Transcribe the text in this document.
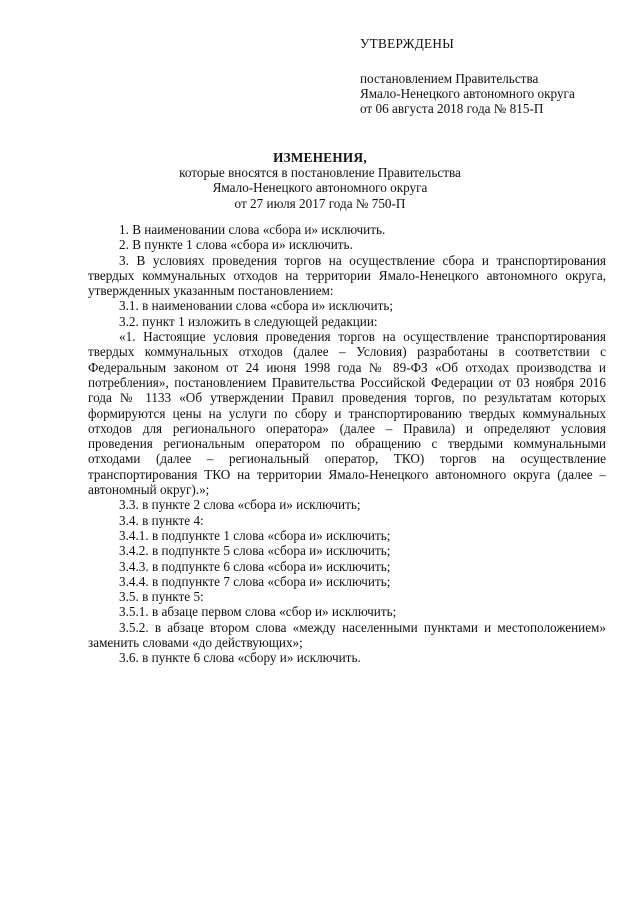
УТВЕРЖДЕНЫ
постановлением Правительства
Ямало-Ненецкого автономного округа
от 06 августа 2018 года № 815-П
ИЗМЕНЕНИЯ,
которые вносятся в постановление Правительства
Ямало-Ненецкого автономного округа
от 27 июля 2017 года № 750-П

1. В наименовании слова «сбора и» исключить.

2. В пункте 1 слова «сбора и» исключить.

3. В условиях проведения торгов на осуществление сбора и транспортирования твердых коммунальных отходов на территории Ямало-Ненецкого автономного округа, утвержденных указанным постановлением:

3.1. в наименовании слова «сбора и» исключить;

3.2. пункт 1 изложить в следующей редакции:

«1. Настоящие условия проведения торгов на осуществление транспортирования твердых коммунальных отходов (далее – Условия) разработаны в соответствии с Федеральным законом от 24 июня 1998 года № 89-ФЗ «Об отходах производства и потребления», постановлением Правительства Российской Федерации от 03 ноября 2016 года № 1133 «Об утверждении Правил проведения торгов, по результатам которых формируются цены на услуги по сбору и транспортированию твердых коммунальных отходов для регионального оператора» (далее – Правила) и определяют условия проведения региональным оператором по обращению с твердыми коммунальными отходами (далее – региональный оператор, ТКО) торгов на осуществление транспортирования ТКО на территории Ямало-Ненецкого автономного округа (далее – автономный округ).»;

3.3. в пункте 2 слова «сбора и» исключить;

3.4. в пункте 4:

3.4.1. в подпункте 1 слова «сбора и» исключить;

3.4.2. в подпункте 5 слова «сбора и» исключить;

3.4.3. в подпункте 6 слова «сбора и» исключить;

3.4.4. в подпункте 7 слова «сбора и» исключить;

3.5. в пункте 5:

3.5.1. в абзаце первом слова «сбор и» исключить;

3.5.2. в абзаце втором слова «между населенными пунктами и местоположением» заменить словами «до действующих»;

3.6. в пункте 6 слова «сбору и» исключить.
